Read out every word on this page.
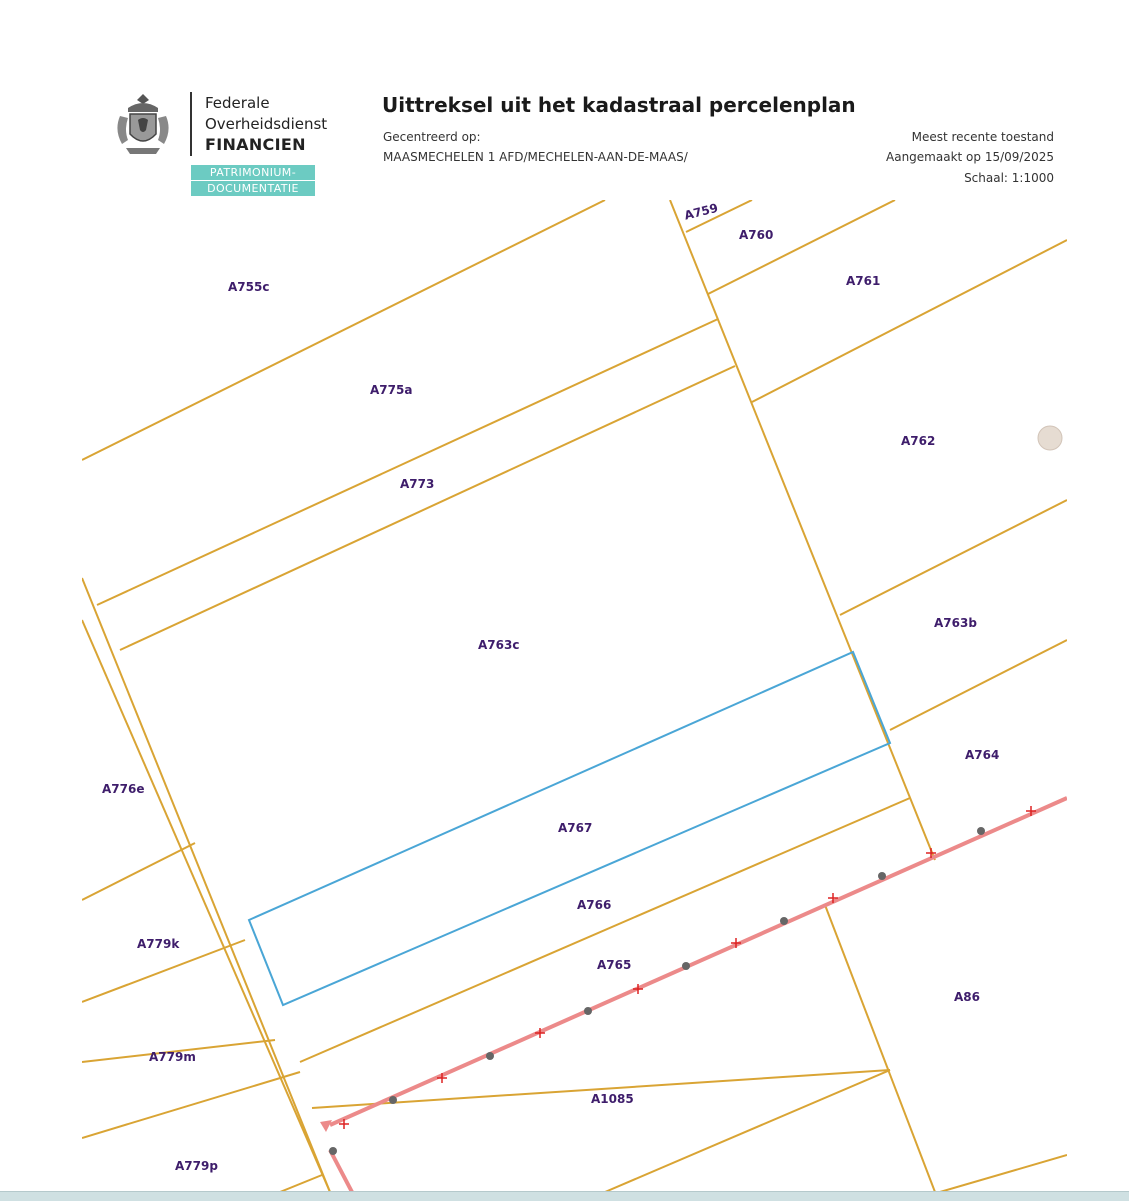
Federale
Overheidsdienst
FINANCIEN
PATRIMONIUM-
DOCUMENTATIE
Uittreksel uit het kadastraal percelenplan
Gecentreerd op:
MAASMECHELEN 1 AFD/MECHELEN-AAN-DE-MAAS/
Meest recente toestand
Aangemaakt op 15/09/2025
Schaal: 1:1000
A759
A760
A761
A755c
A775a
A762
A773
A763c
A763b
A764
A776e
A767
A766
A779k
A765
A86
A779m
A1085
A779p
